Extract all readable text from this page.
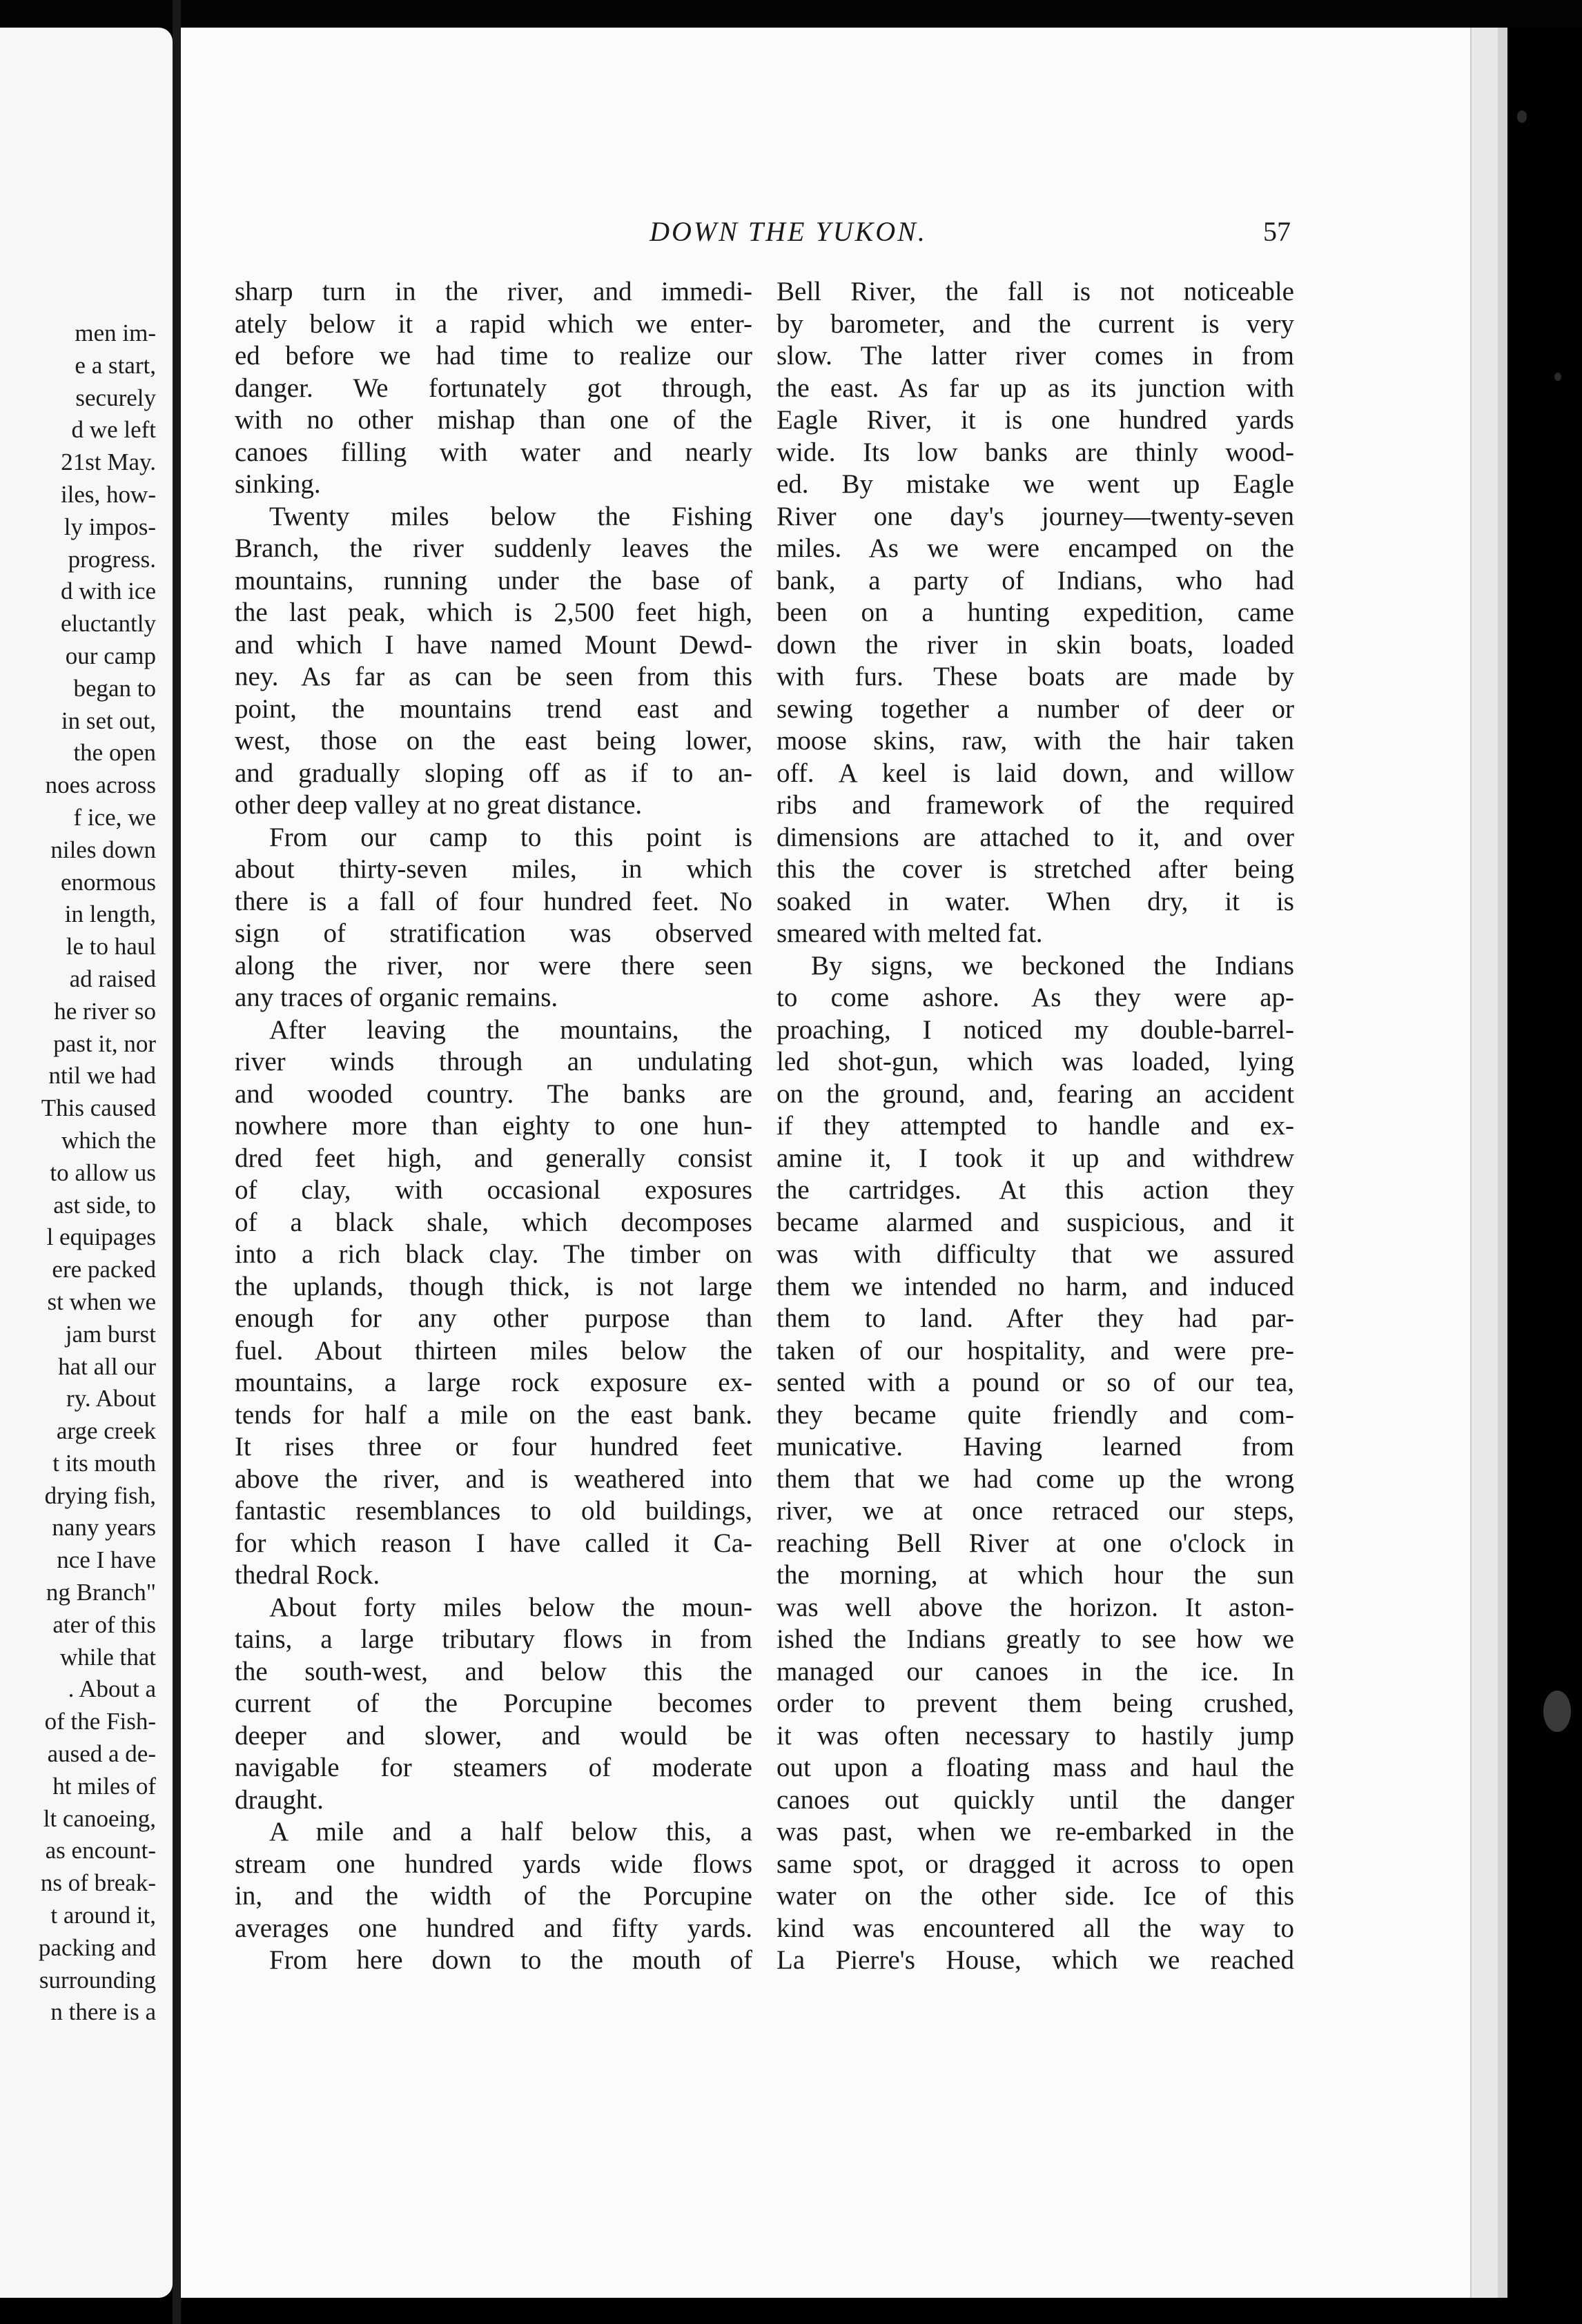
men im-
e a start,
securely
d we left
21st May.
iles, how-
ly impos-
progress.
d with ice
eluctantly
our camp
began to
in set out,
the open
noes across
f ice, we
niles down
enormous
in length,
le to haul
ad raised
he river so
past it, nor
ntil we had
This caused
which the
to allow us
ast side, to
l equipages
ere packed
st when we
jam burst
hat all our
ry. About
arge creek
t its mouth
drying fish,
nany years
nce I have
ng Branch"
ater of this
while that
. About a
of the Fish-
aused a de-
ht miles of
lt canoeing,
as encount-
ns of break-
t around it,
packing and
surrounding
n there is a
DOWN THE YUKON.	57
sharp turn in the river, and immedi-
ately below it a rapid which we enter-
ed before we had time to realize our
danger. We fortunately got through,
with no other mishap than one of the
canoes filling with water and nearly
sinking.
Twenty miles below the Fishing
Branch, the river suddenly leaves the
mountains, running under the base of
the last peak, which is 2,500 feet high,
and which I have named Mount Dewd-
ney. As far as can be seen from this
point, the mountains trend east and
west, those on the east being lower,
and gradually sloping off as if to an-
other deep valley at no great distance.
From our camp to this point is
about thirty-seven miles, in which
there is a fall of four hundred feet. No
sign of stratification was observed
along the river, nor were there seen
any traces of organic remains.
After leaving the mountains, the
river winds through an undulating
and wooded country. The banks are
nowhere more than eighty to one hun-
dred feet high, and generally consist
of clay, with occasional exposures
of a black shale, which decomposes
into a rich black clay. The timber on
the uplands, though thick, is not large
enough for any other purpose than
fuel. About thirteen miles below the
mountains, a large rock exposure ex-
tends for half a mile on the east bank.
It rises three or four hundred feet
above the river, and is weathered into
fantastic resemblances to old buildings,
for which reason I have called it Ca-
thedral Rock.
About forty miles below the moun-
tains, a large tributary flows in from
the south-west, and below this the
current of the Porcupine becomes
deeper and slower, and would be
navigable for steamers of moderate
draught.
A mile and a half below this, a
stream one hundred yards wide flows
in, and the width of the Porcupine
averages one hundred and fifty yards.
From here down to the mouth of
Bell River, the fall is not noticeable
by barometer, and the current is very
slow. The latter river comes in from
the east. As far up as its junction with
Eagle River, it is one hundred yards
wide. Its low banks are thinly wood-
ed. By mistake we went up Eagle
River one day's journey—twenty-seven
miles. As we were encamped on the
bank, a party of Indians, who had
been on a hunting expedition, came
down the river in skin boats, loaded
with furs. These boats are made by
sewing together a number of deer or
moose skins, raw, with the hair taken
off. A keel is laid down, and willow
ribs and framework of the required
dimensions are attached to it, and over
this the cover is stretched after being
soaked in water. When dry, it is
smeared with melted fat.
By signs, we beckoned the Indians
to come ashore. As they were ap-
proaching, I noticed my double-barrel-
led shot-gun, which was loaded, lying
on the ground, and, fearing an accident
if they attempted to handle and ex-
amine it, I took it up and withdrew
the cartridges. At this action they
became alarmed and suspicious, and it
was with difficulty that we assured
them we intended no harm, and induced
them to land. After they had par-
taken of our hospitality, and were pre-
sented with a pound or so of our tea,
they became quite friendly and com-
municative. Having learned from
them that we had come up the wrong
river, we at once retraced our steps,
reaching Bell River at one o'clock in
the morning, at which hour the sun
was well above the horizon. It aston-
ished the Indians greatly to see how we
managed our canoes in the ice. In
order to prevent them being crushed,
it was often necessary to hastily jump
out upon a floating mass and haul the
canoes out quickly until the danger
was past, when we re-embarked in the
same spot, or dragged it across to open
water on the other side. Ice of this
kind was encountered all the way to
La Pierre's House, which we reached
